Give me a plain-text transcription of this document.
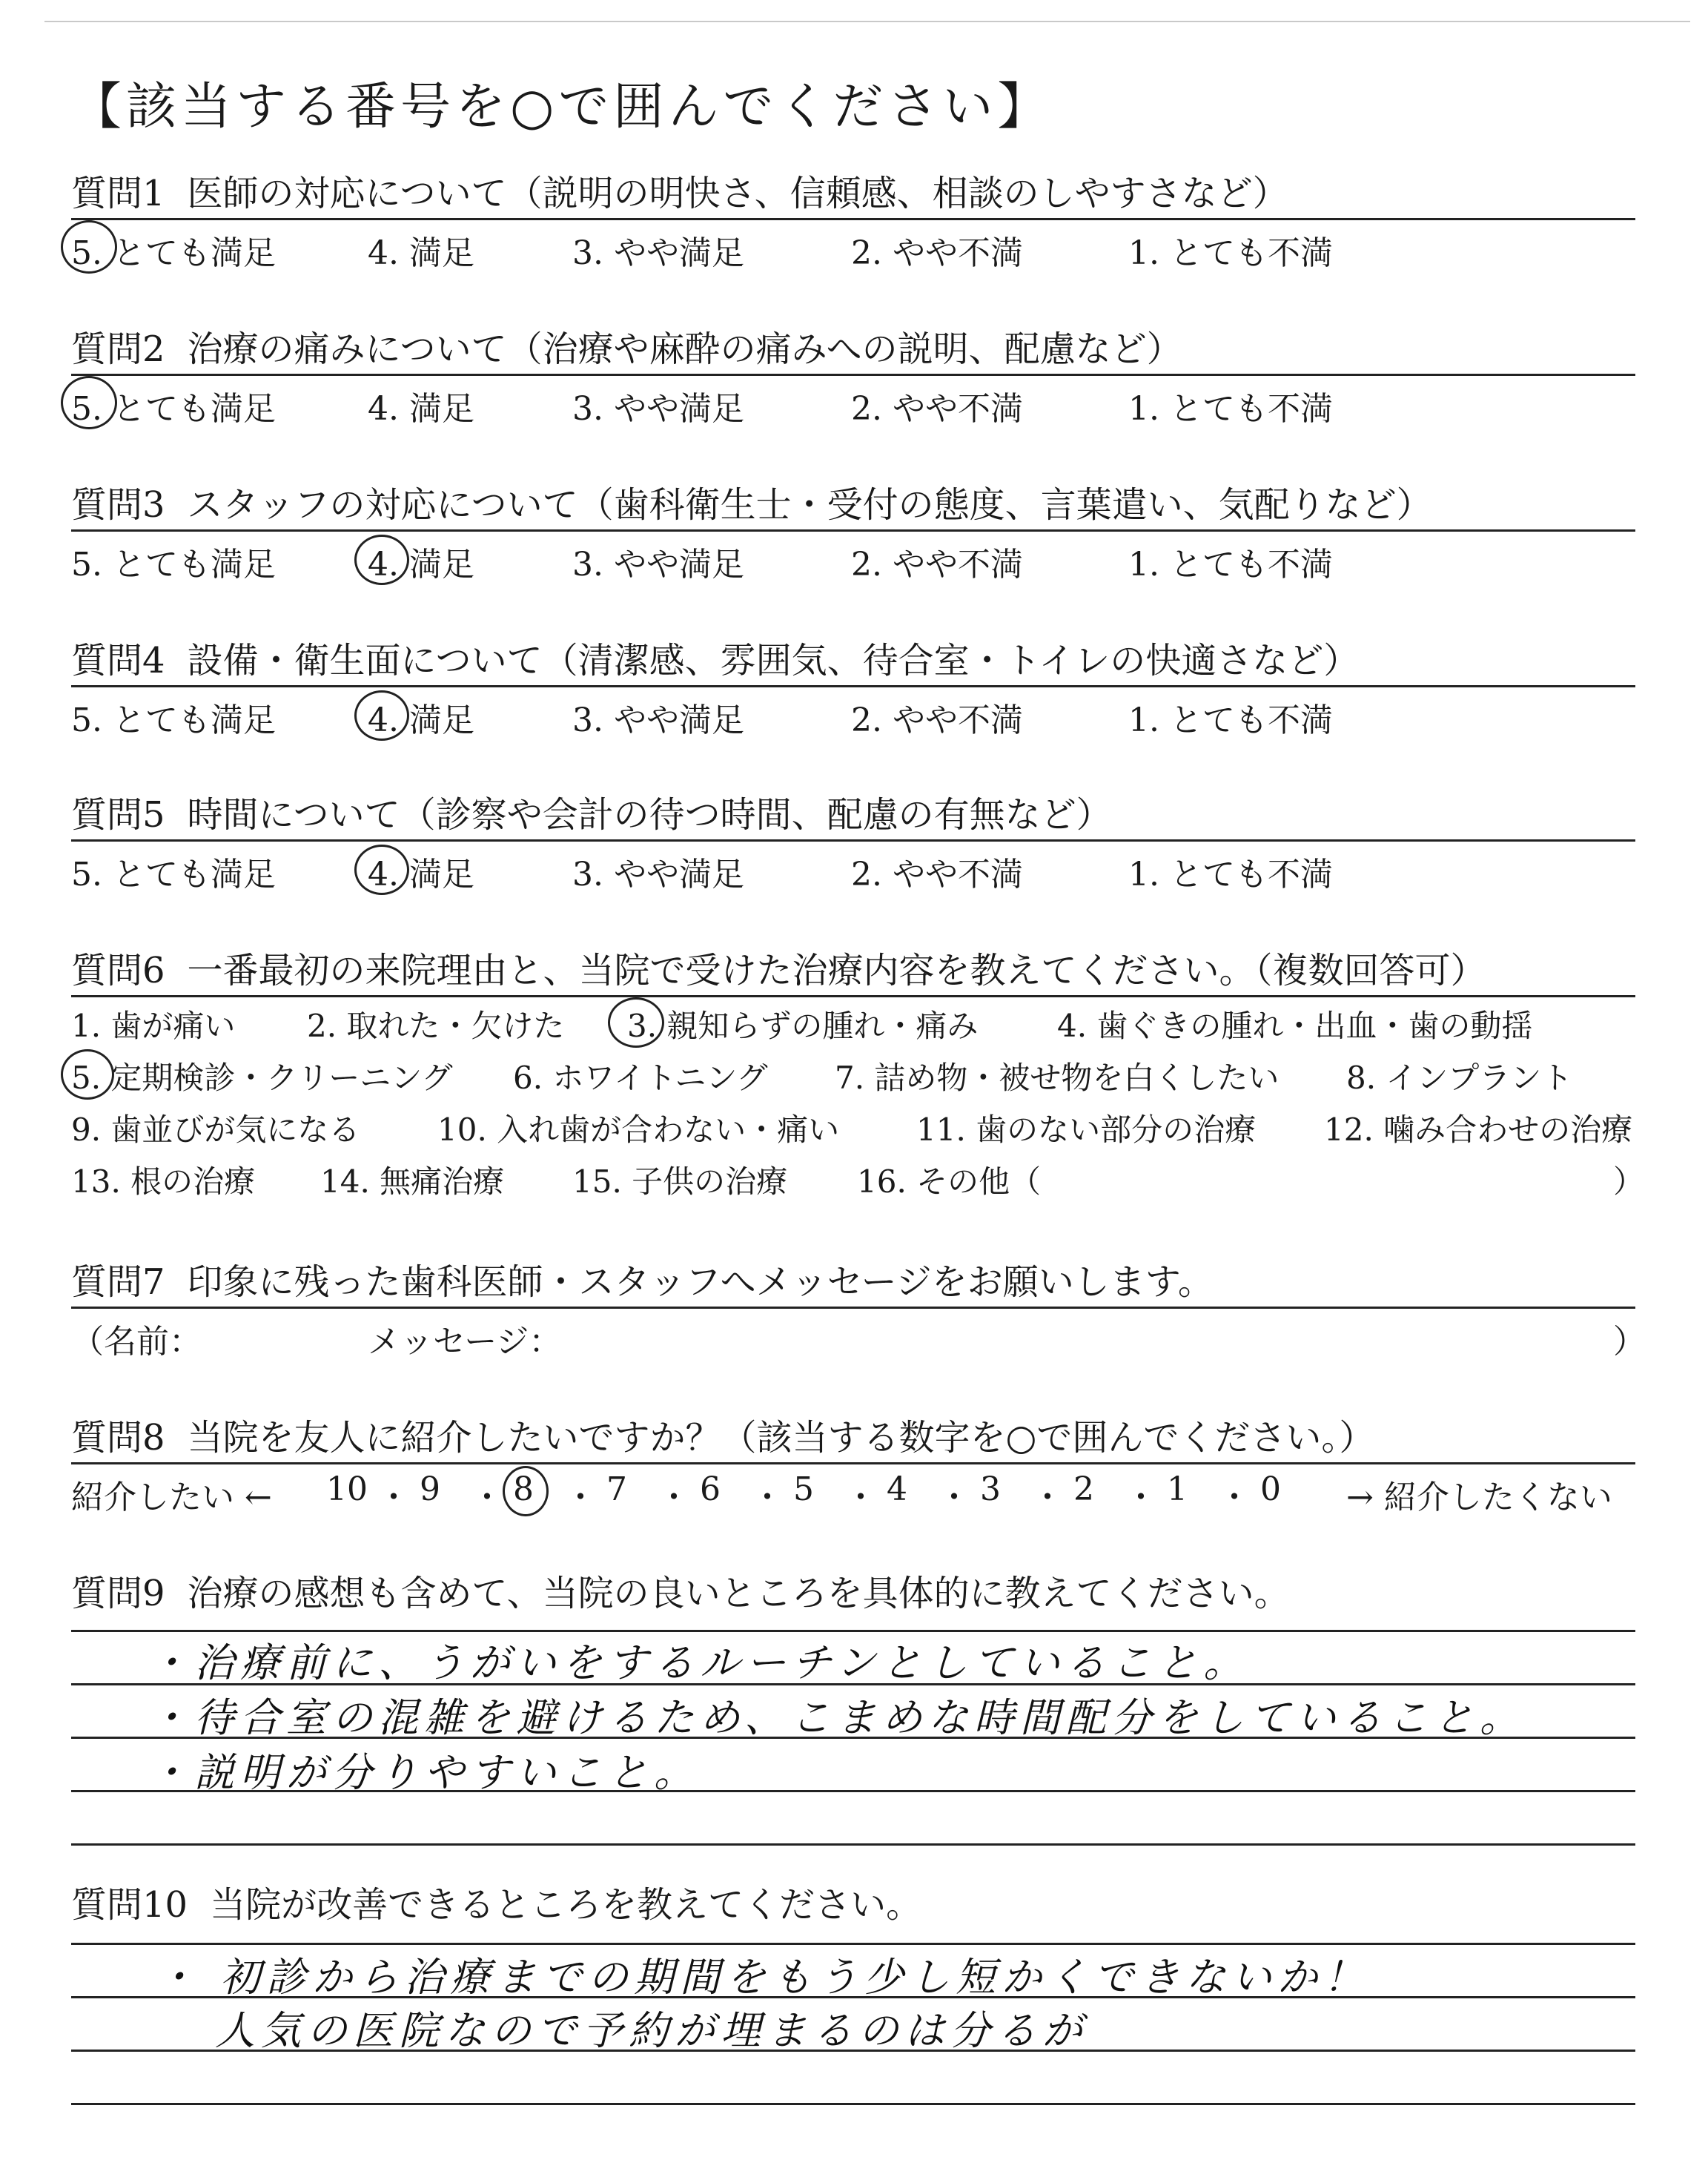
【該当する番号を○で囲んでください】
質問1 医師の対応について（説明の明快さ、信頼感、相談のしやすさなど）
5. とても満足	4. 満足	3. やや満足	2. やや不満	1. とても不満
質問2 治療の痛みについて（治療や麻酔の痛みへの説明、配慮など）
5. とても満足	4. 満足	3. やや満足	2. やや不満	1. とても不満
質問3 スタッフの対応について（歯科衛生士・受付の態度、言葉遣い、気配りなど）
5. とても満足	4. 満足	3. やや満足	2. やや不満	1. とても不満
質問4 設備・衛生面について（清潔感、雰囲気、待合室・トイレの快適さなど）
5. とても満足	4. 満足	3. やや満足	2. やや不満	1. とても不満
質問5 時間について（診察や会計の待つ時間、配慮の有無など）
5. とても満足	4. 満足	3. やや満足	2. やや不満	1. とても不満
質問6 一番最初の来院理由と、当院で受けた治療内容を教えてください。（複数回答可）
1. 歯が痛い 2. 取れた・欠けた 3. 親知らずの腫れ・痛み	4. 歯ぐきの腫れ・出血・歯の動揺
5. 定期検診・クリーニング 6. ホワイトニング 7. 詰め物・被せ物を白くしたい 8. インプラント
9. 歯並びが気になる 10. 入れ歯が合わない・痛い 11. 歯のない部分の治療 12. 噛み合わせの治療
13. 根の治療 14. 無痛治療 15. 子供の治療 16. その他（	）
質問7 印象に残った歯科医師・スタッフへメッセージをお願いします。
（名前：	メッセージ：	）
質問8 当院を友人に紹介したいですか？（該当する数字を○で囲んでください。）
紹介したい ←	→ 紹介したくない
10 ・ 9 ・ 8 ・ 7 ・ 6 ・ 5 ・ 4 ・ 3 ・ 2 ・ 1 ・ 0
質問9 治療の感想も含めて、当院の良いところを具体的に教えてください。
・治療前に、うがいをするルーチンとしていること。
・待合室の混雑を避けるため、こまめな時間配分をしていること。
・説明が分りやすいこと。
質問10 当院が改善できるところを教えてください。
・ 初診から治療までの期間をもう少し短かくできないか！
人気の医院なので予約が埋まるのは分るが
